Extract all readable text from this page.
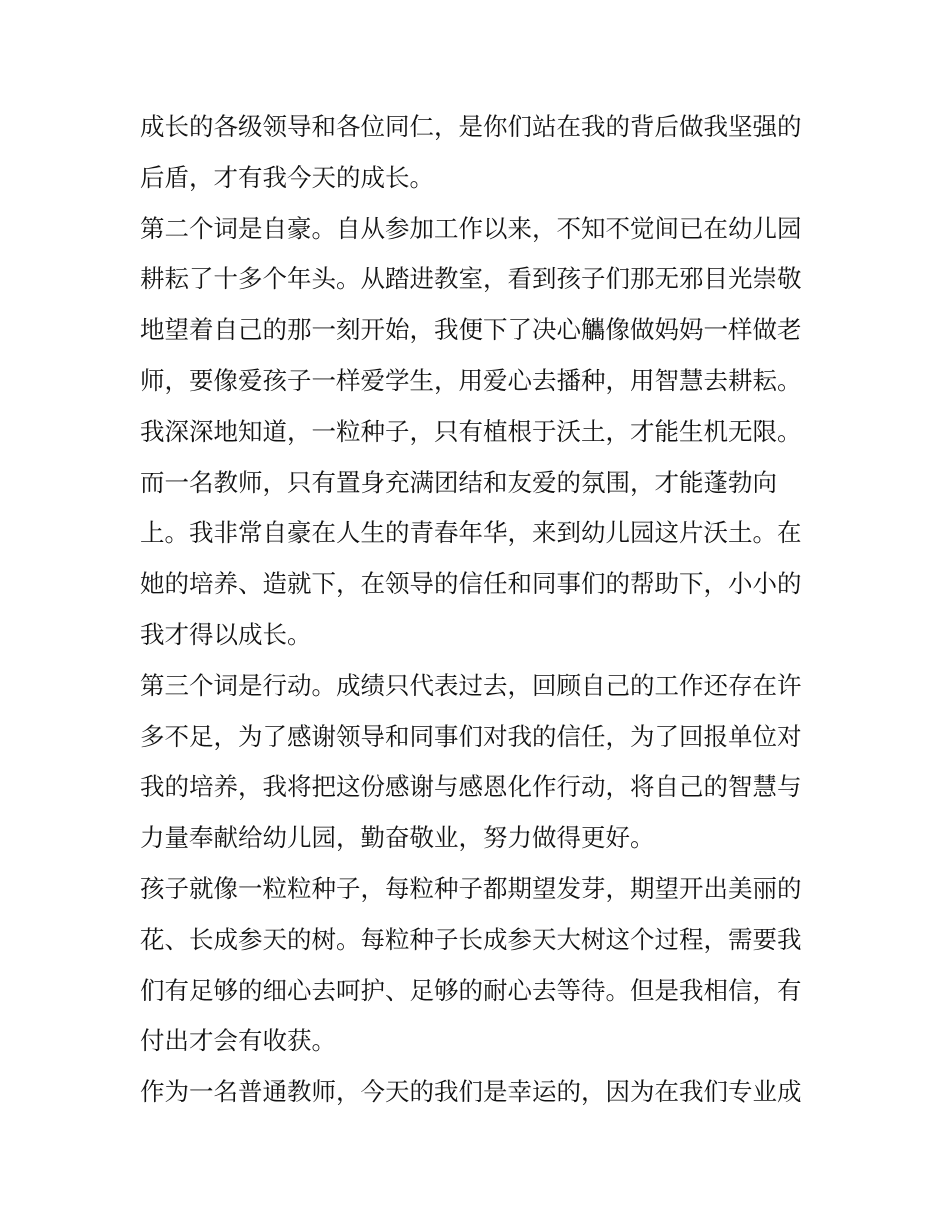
成长的各级领导和各位同仁，是你们站在我的背后做我坚强的
后盾，才有我今天的成长。
第二个词是自豪。自从参加工作以来，不知不觉间已在幼儿园
耕耘了十多个年头。从踏进教室，看到孩子们那无邪目光崇敬
地望着自己的那一刻开始，我便下了决心觿像做妈妈一样做老
师，要像爱孩子一样爱学生，用爱心去播种，用智慧去耕耘。
我深深地知道，一粒种子，只有植根于沃土，才能生机无限。
而一名教师，只有置身充满团结和友爱的氛围，才能蓬勃向
上。我非常自豪在人生的青春年华，来到幼儿园这片沃土。在
她的培养、造就下，在领导的信任和同事们的帮助下，小小的
我才得以成长。
第三个词是行动。成绩只代表过去，回顾自己的工作还存在许
多不足，为了感谢领导和同事们对我的信任，为了回报单位对
我的培养，我将把这份感谢与感恩化作行动，将自己的智慧与
力量奉献给幼儿园，勤奋敬业，努力做得更好。
孩子就像一粒粒种子，每粒种子都期望发芽，期望开出美丽的
花、长成参天的树。每粒种子长成参天大树这个过程，需要我
们有足够的细心去呵护、足够的耐心去等待。但是我相信，有
付出才会有收获。
作为一名普通教师，今天的我们是幸运的，因为在我们专业成
